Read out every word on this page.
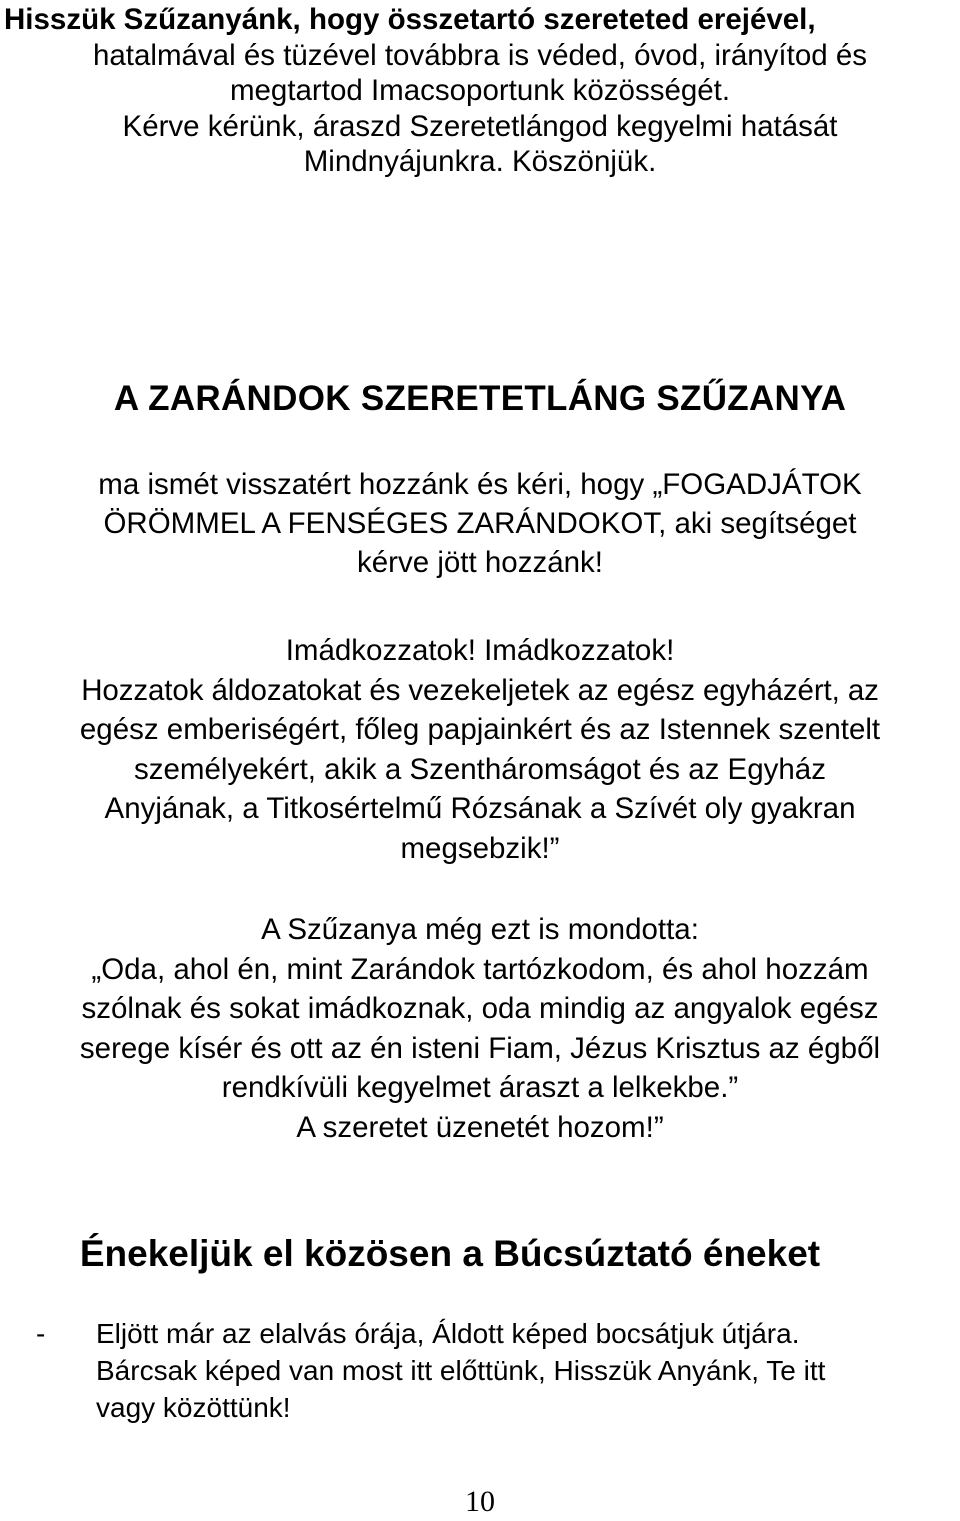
Hisszük Szűzanyánk, hogy összetartó szereteted erejével,
hatalmával és tüzével továbbra is véded, óvod, irányítod és
megtartod Imacsoportunk közösségét.
Kérve kérünk, áraszd Szeretetlángod kegyelmi hatását
Mindnyájunkra. Köszönjük.
A ZARÁNDOK SZERETETLÁNG SZŰZANYA
ma ismét visszatért hozzánk és kéri, hogy „FOGADJÁTOK
ÖRÖMMEL A FENSÉGES ZARÁNDOKOT, aki segítséget
kérve jött hozzánk!
Imádkozzatok! Imádkozzatok!
Hozzatok áldozatokat és vezekeljetek az egész egyházért, az
egész emberiségért, főleg papjainkért és az Istennek szentelt
személyekért, akik a Szentháromságot és az Egyház
Anyjának, a Titkosértelmű Rózsának a Szívét oly gyakran
megsebzik!”
A Szűzanya még ezt is mondotta:
„Oda, ahol én, mint Zarándok tartózkodom, és ahol hozzám
szólnak és sokat imádkoznak, oda mindig az angyalok egész
serege kísér és ott az én isteni Fiam, Jézus Krisztus az égből
rendkívüli kegyelmet áraszt a lelkekbe.”
A szeretet üzenetét hozom!”
Énekeljük el közösen a Búcsúztató éneket
- Eljött már az elalvás órája, Áldott képed bocsátjuk útjára.
Bárcsak képed van most itt előttünk, Hisszük Anyánk, Te itt
vagy közöttünk!
10
